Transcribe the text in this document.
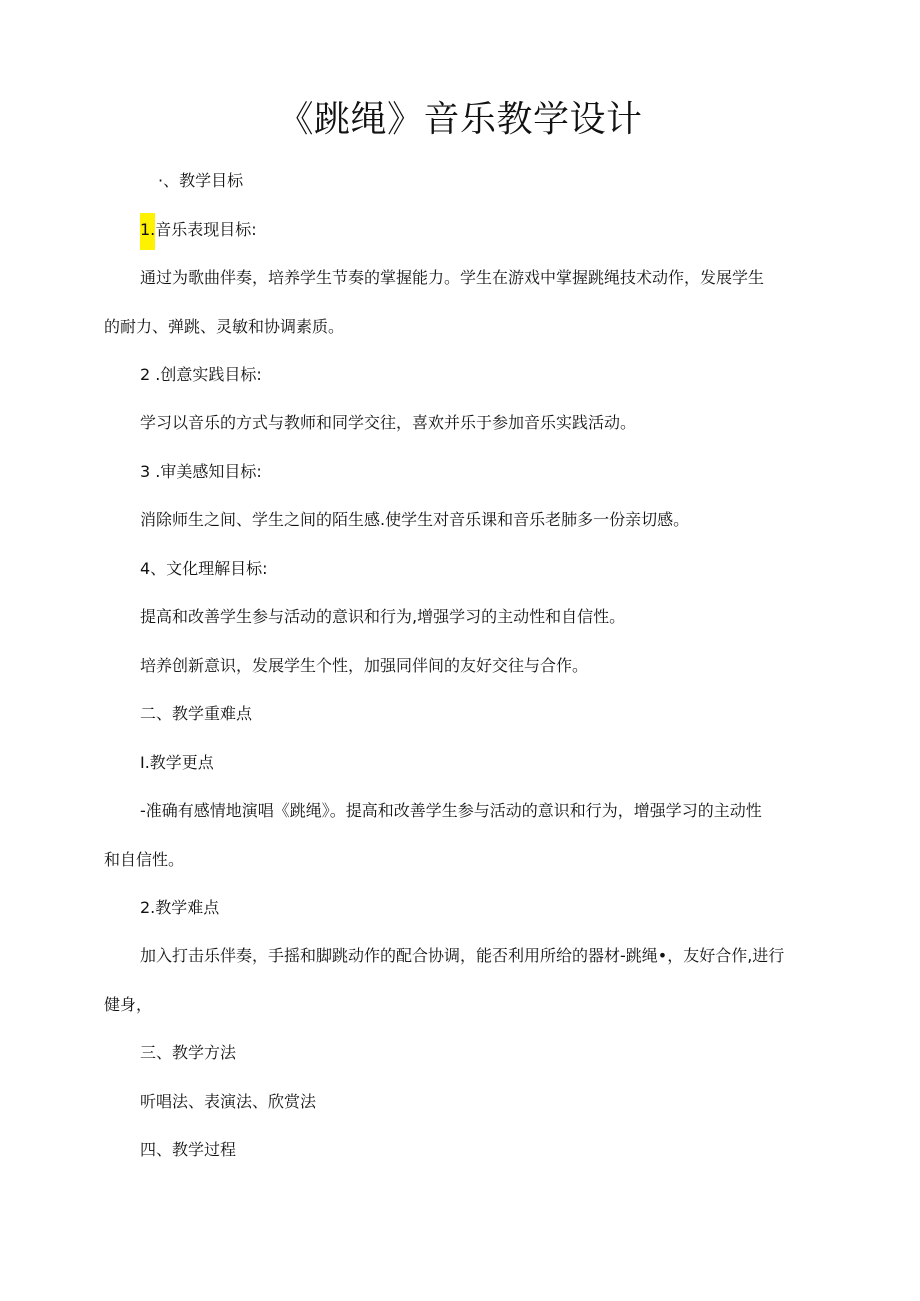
《跳绳》音乐教学设计

·、教学目标

1.音乐表现目标:

通过为歌曲伴奏，培养学生节奏的掌握能力。学生在游戏中掌握跳绳技术动作，发展学生

的耐力、弹跳、灵敏和协调素质。

2 .创意实践目标:

学习以音乐的方式与教师和同学交往，喜欢并乐于参加音乐实践活动。

3 .审美感知目标:

消除师生之间、学生之间的陌生感.使学生对音乐课和音乐老肺多一份亲切感。

4、文化理解目标:

提高和改善学生参与活动的意识和行为,增强学习的主动性和自信性。

培养创新意识，发展学生个性，加强同伴间的友好交往与合作。

二、教学重难点

I.教学更点

-准确有感情地演唱《跳绳》。提高和改善学生参与活动的意识和行为，增强学习的主动性

和自信性。

2.教学难点

加入打击乐伴奏，手摇和脚跳动作的配合协调，能否利用所给的器材-跳绳•，友好合作,进行

健身，

三、教学方法

听唱法、表演法、欣赏法

四、教学过程
